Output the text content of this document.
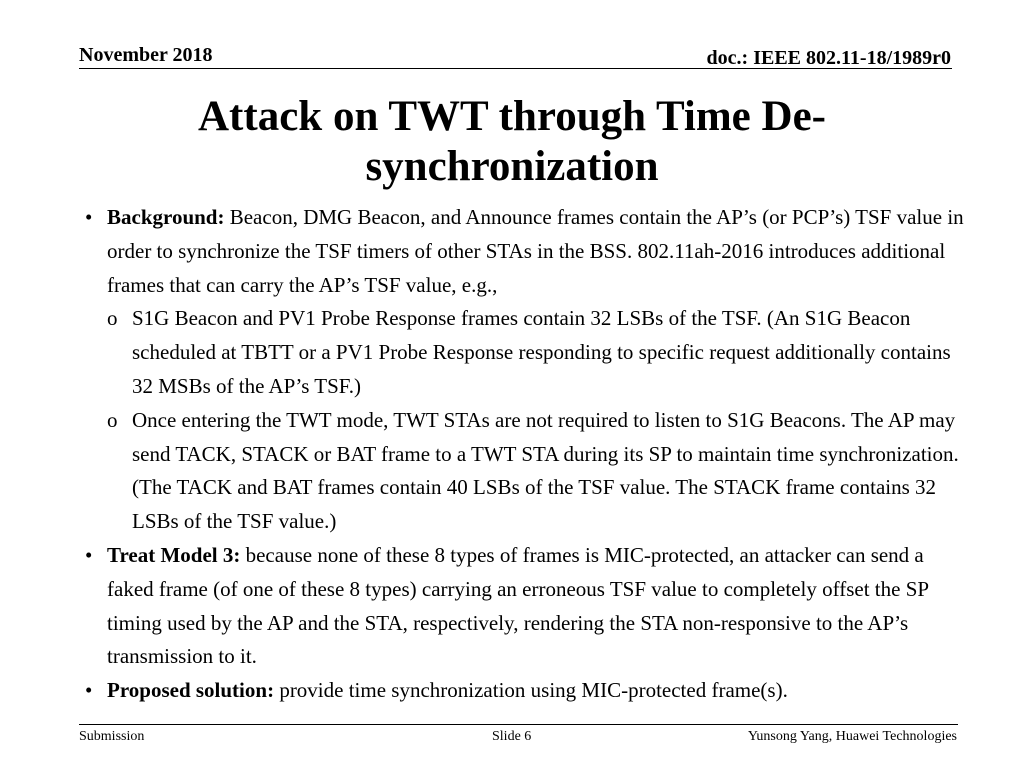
November 2018	doc.: IEEE 802.11-18/1989r0
Attack on TWT through Time De-
synchronization
• Background: Beacon, DMG Beacon, and Announce frames contain the AP’s (or PCP’s) TSF value in order to synchronize the TSF timers of other STAs in the BSS. 802.11ah-2016 introduces additional frames that can carry the AP’s TSF value, e.g.,
o S1G Beacon and PV1 Probe Response frames contain 32 LSBs of the TSF. (An S1G Beacon scheduled at TBTT or a PV1 Probe Response responding to specific request additionally contains 32 MSBs of the AP’s TSF.)
o Once entering the TWT mode, TWT STAs are not required to listen to S1G Beacons. The AP may send TACK, STACK or BAT frame to a TWT STA during its SP to maintain time synchronization. (The TACK and BAT frames contain 40 LSBs of the TSF value. The STACK frame contains 32 LSBs of the TSF value.)
• Treat Model 3: because none of these 8 types of frames is MIC-protected, an attacker can send a faked frame (of one of these 8 types) carrying an erroneous TSF value to completely offset the SP timing used by the AP and the STA, respectively, rendering the STA non-responsive to the AP’s transmission to it.
• Proposed solution: provide time synchronization using MIC-protected frame(s).
Submission	Slide 6	Yunsong Yang, Huawei Technologies
